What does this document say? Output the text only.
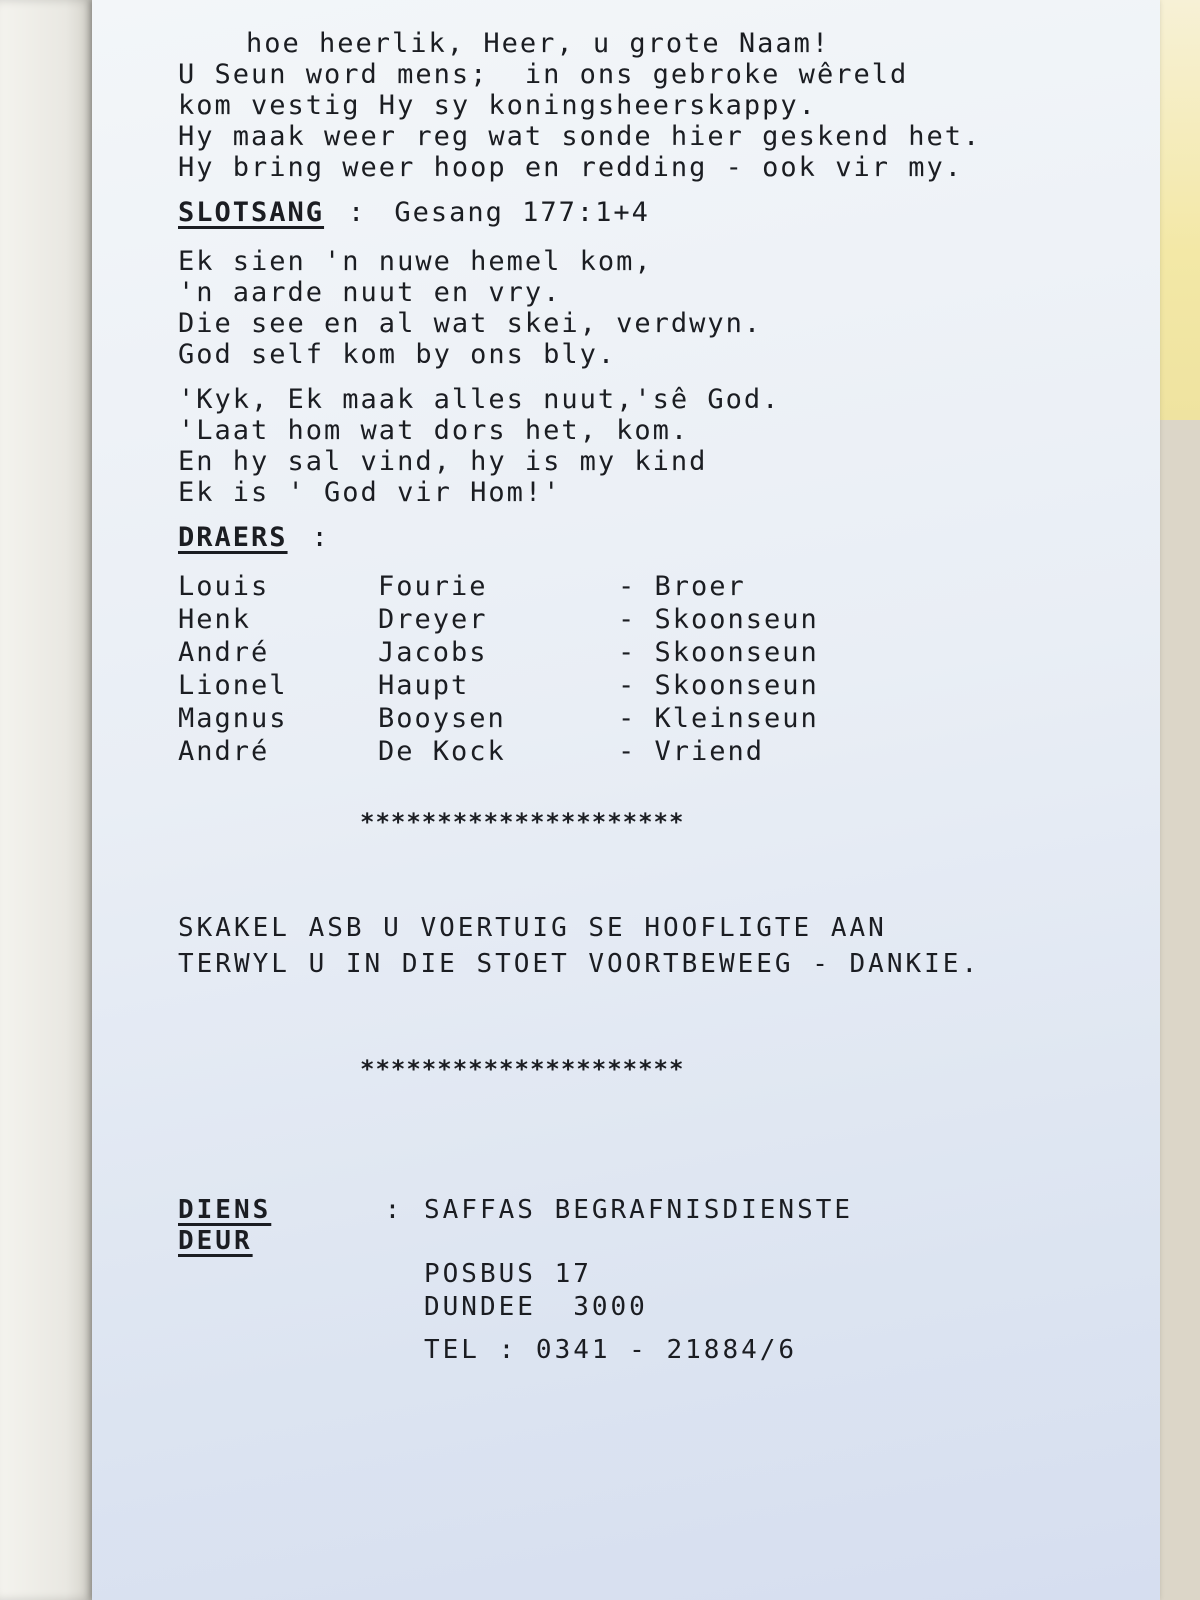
hoe heerlik, Heer, u grote Naam!
U Seun word mens;  in ons gebroke wêreld
kom vestig Hy sy koningsheerskappy.
Hy maak weer reg wat sonde hier geskend het.
Hy bring weer hoop en redding - ook vir my.
SLOTSANG : Gesang 177:1+4
Ek sien 'n nuwe hemel kom,
'n aarde nuut en vry.
Die see en al wat skei, verdwyn.
God self kom by ons bly.
'Kyk, Ek maak alles nuut,'sê God.
'Laat hom wat dors het, kom.
En hy sal vind, hy is my kind
Ek is ' God vir Hom!'
DRAERS :
Louis	Fourie	- Broer
Henk	Dreyer	- Skoonseun
André	Jacobs	- Skoonseun
Lionel	Haupt	- Skoonseun
Magnus	Booysen	- Kleinseun
André	De Kock	- Vriend
*********************
SKAKEL ASB U VOERTUIG SE HOOFLIGTE AAN
TERWYL U IN DIE STOET VOORTBEWEEG - DANKIE.
*********************
DIENS DEUR
: SAFFAS BEGRAFNISDIENSTE
POSBUS 17
DUNDEE  3000
TEL : 0341 - 21884/6
